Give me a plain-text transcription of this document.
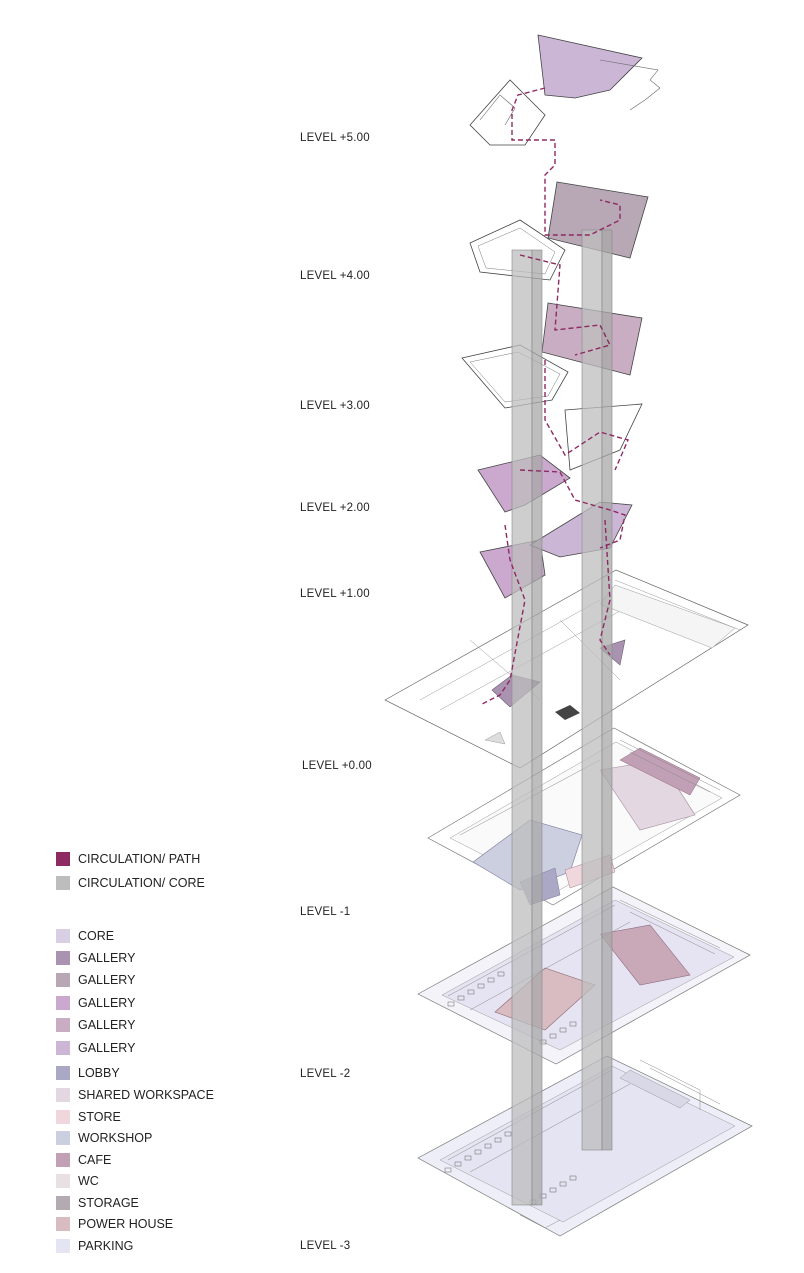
LEVEL +5.00
LEVEL +4.00
LEVEL +3.00
LEVEL +2.00
LEVEL +1.00
LEVEL +0.00
LEVEL -1
LEVEL -2
LEVEL -3
CIRCULATION/ PATH
CIRCULATION/ CORE
CORE
GALLERY
GALLERY
GALLERY
GALLERY
GALLERY
LOBBY
SHARED WORKSPACE
STORE
WORKSHOP
CAFE
WC
STORAGE
POWER HOUSE
PARKING
